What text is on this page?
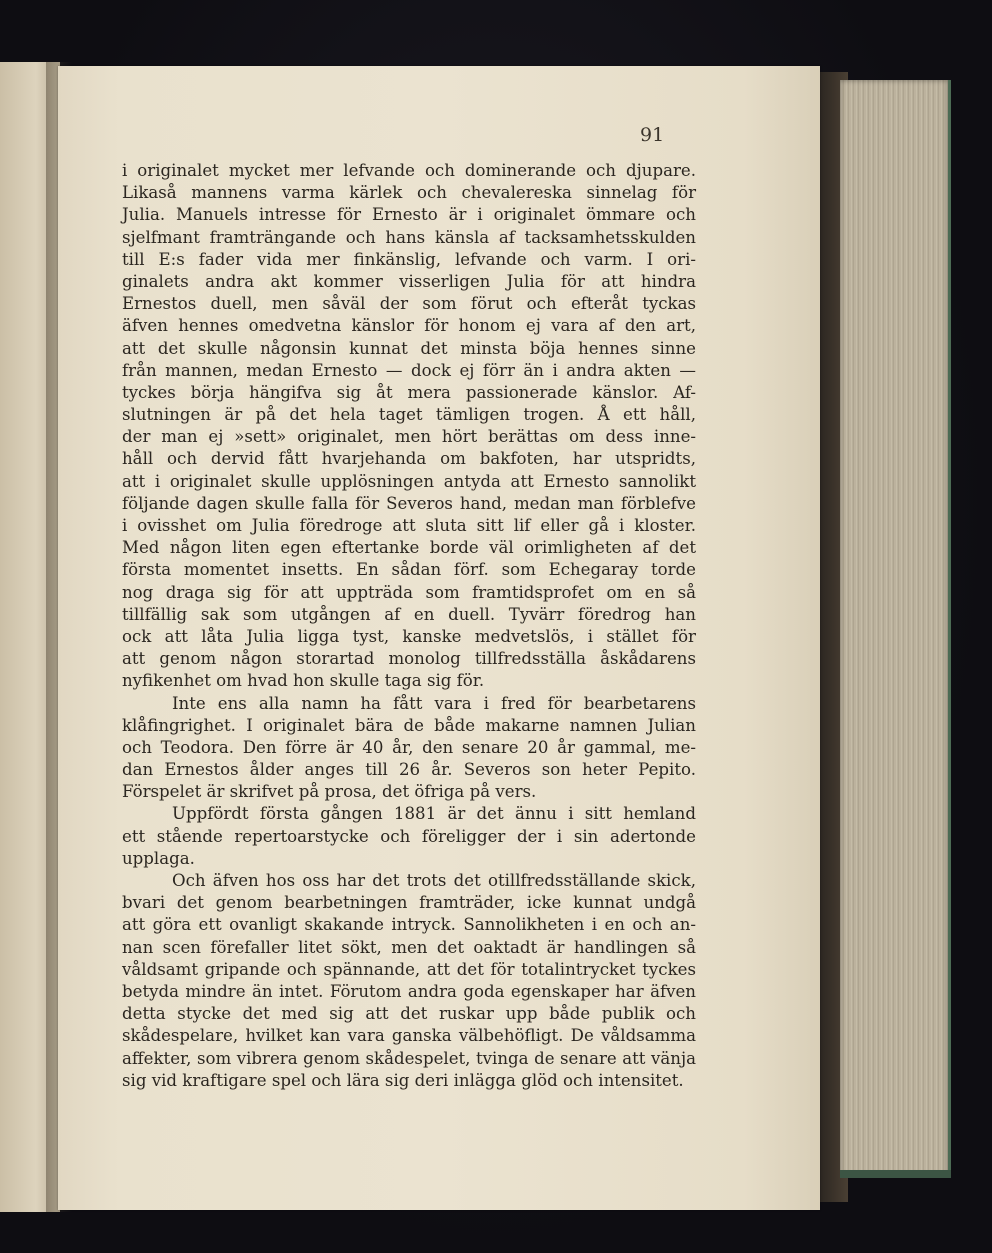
91
i originalet mycket mer lefvande och dominerande och djupare.
Likaså mannens varma kärlek och chevalereska sinnelag för
Julia. Manuels intresse för Ernesto är i originalet ömmare och
sjelfmant framträngande och hans känsla af tacksamhetsskulden
till E:s fader vida mer finkänslig, lefvande och varm. I ori-
ginalets andra akt kommer visserligen Julia för att hindra
Ernestos duell, men såväl der som förut och efteråt tyckas
äfven hennes omedvetna känslor för honom ej vara af den art,
att det skulle någonsin kunnat det minsta böja hennes sinne
från mannen, medan Ernesto — dock ej förr än i andra akten —
tyckes börja hängifva sig åt mera passionerade känslor. Af-
slutningen är på det hela taget tämligen trogen. Å ett håll,
der man ej »sett» originalet, men hört berättas om dess inne-
håll och dervid fått hvarjehanda om bakfoten, har utspridts,
att i originalet skulle upplösningen antyda att Ernesto sannolikt
följande dagen skulle falla för Severos hand, medan man förblefve
i ovisshet om Julia föredroge att sluta sitt lif eller gå i kloster.
Med någon liten egen eftertanke borde väl orimligheten af det
första momentet insetts. En sådan förf. som Echegaray torde
nog draga sig för att uppträda som framtidsprofet om en så
tillfällig sak som utgången af en duell. Tyvärr föredrog han
ock att låta Julia ligga tyst, kanske medvetslös, i stället för
att genom någon storartad monolog tillfredsställa åskådarens
nyfikenhet om hvad hon skulle taga sig för.
Inte ens alla namn ha fått vara i fred för bearbetarens
klåfingrighet. I originalet bära de både makarne namnen Julian
och Teodora. Den förre är 40 år, den senare 20 år gammal, me-
dan Ernestos ålder anges till 26 år. Severos son heter Pepito.
Förspelet är skrifvet på prosa, det öfriga på vers.
Uppfördt första gången 1881 är det ännu i sitt hemland
ett stående repertoarstycke och föreligger der i sin adertonde
upplaga.
Och äfven hos oss har det trots det otillfredsställande skick,
bvari det genom bearbetningen framträder, icke kunnat undgå
att göra ett ovanligt skakande intryck. Sannolikheten i en och an-
nan scen förefaller litet sökt, men det oaktadt är handlingen så
våldsamt gripande och spännande, att det för totalintrycket tyckes
betyda mindre än intet. Förutom andra goda egenskaper har äfven
detta stycke det med sig att det ruskar upp både publik och
skådespelare, hvilket kan vara ganska välbehöfligt. De våldsamma
affekter, som vibrera genom skådespelet, tvinga de senare att vänja
sig vid kraftigare spel och lära sig deri inlägga glöd och intensitet.
